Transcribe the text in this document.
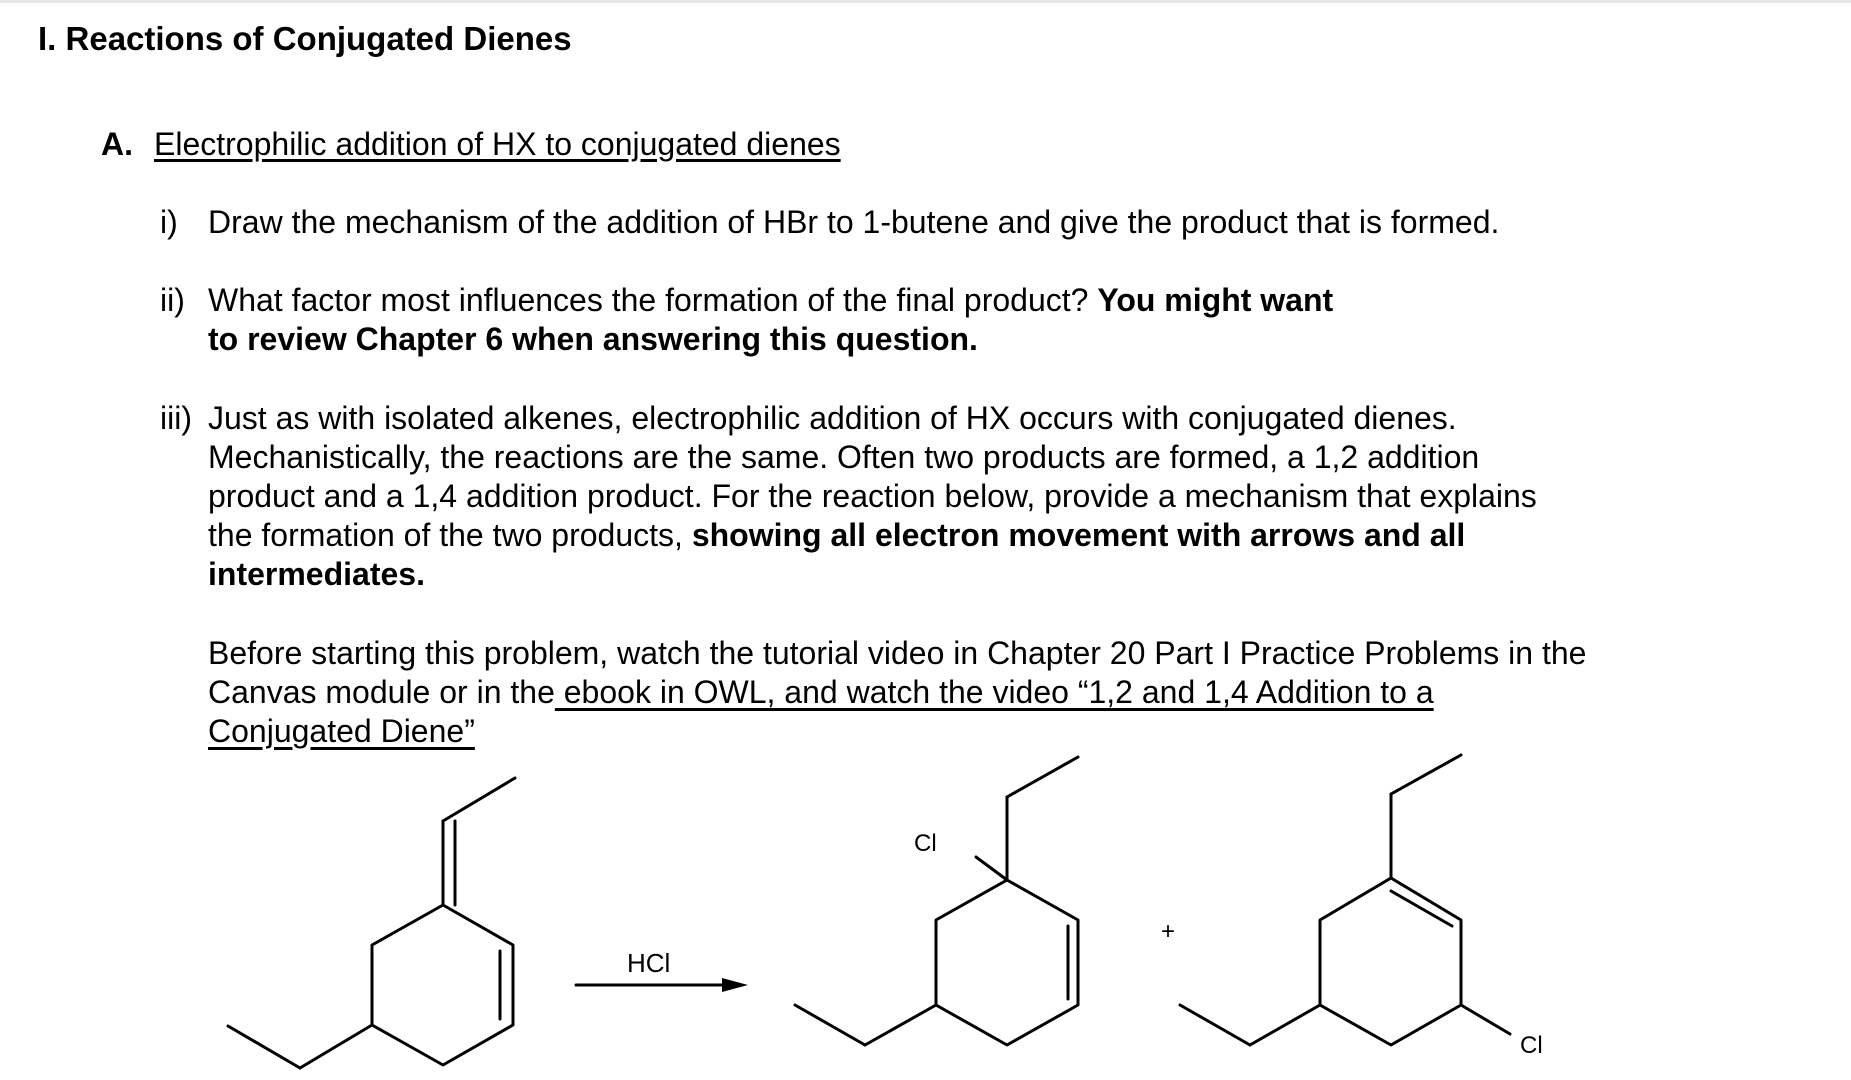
I. Reactions of Conjugated Dienes
A. Electrophilic addition of HX to conjugated dienes
i) Draw the mechanism of the addition of HBr to 1-butene and give the product that is formed.
ii) What factor most influences the formation of the final product? You might want
to review Chapter 6 when answering this question.
iii) Just as with isolated alkenes, electrophilic addition of HX occurs with conjugated dienes.
Mechanistically, the reactions are the same. Often two products are formed, a 1,2 addition
product and a 1,4 addition product. For the reaction below, provide a mechanism that explains
the formation of the two products, showing all electron movement with arrows and all
intermediates.
Before starting this problem, watch the tutorial video in Chapter 20 Part I Practice Problems in the
Canvas module or in the ebook in OWL, and watch the video “1,2 and 1,4 Addition to a
Conjugated Diene”
HCl
+
Cl
Cl
